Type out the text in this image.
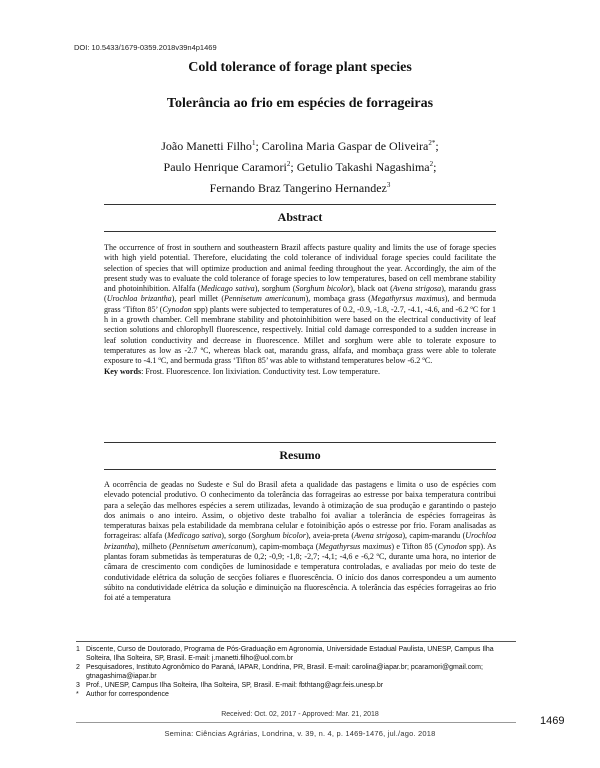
DOI: 10.5433/1679-0359.2018v39n4p1469
Cold tolerance of forage plant species
Tolerância ao frio em espécies de forrageiras
João Manetti Filho$^1$; Carolina Maria Gaspar de Oliveira$^{2*}$;
Paulo Henrique Caramori$^2$; Getulio Takashi Nagashima$^2$;
Fernando Braz Tangerino Hernandez$^3$
Abstract
The occurrence of frost in southern and southeastern Brazil affects pasture quality and limits the use of forage species with high yield potential. Therefore, elucidating the cold tolerance of individual forage species could facilitate the selection of species that will optimize production and animal feeding throughout the year. Accordingly, the aim of the present study was to evaluate the cold tolerance of forage species to low temperatures, based on cell membrane stability and photoinhibition. Alfalfa (Medicago sativa), sorghum (Sorghum bicolor), black oat (Avena strigosa), marandu grass (Urochloa brizantha), pearl millet (Pennisetum americanum), mombaça grass (Megathyrsus maximus), and bermuda grass ‘Tifton 85’ (Cynodon spp) plants were subjected to temperatures of 0.2, -0.9, -1.8, -2.7, -4.1, -4.6, and -6.2 ºC for 1 h in a growth chamber. Cell membrane stability and photoinhibition were based on the electrical conductivity of leaf section solutions and chlorophyll fluorescence, respectively. Initial cold damage corresponded to a sudden increase in leaf solution conductivity and decrease in fluorescence. Millet and sorghum were able to tolerate exposure to temperatures as low as -2.7 ºC, whereas black oat, marandu grass, alfafa, and mombaça grass were able to tolerate exposure to -4.1 ºC, and bermuda grass ‘Tifton 85’ was able to withstand temperatures below -6.2 ºC.
Key words: Frost. Fluorescence. Ion lixiviation. Conductivity test. Low temperature.
Resumo
A ocorrência de geadas no Sudeste e Sul do Brasil afeta a qualidade das pastagens e limita o uso de espécies com elevado potencial produtivo. O conhecimento da tolerância das forrageiras ao estresse por baixa temperatura contribui para a seleção das melhores espécies a serem utilizadas, levando à otimização de sua produção e garantindo o pastejo dos animais o ano inteiro. Assim, o objetivo deste trabalho foi avaliar a tolerância de espécies forrageiras às temperaturas baixas pela estabilidade da membrana celular e fotoinibição após o estresse por frio. Foram analisadas as forrageiras: alfafa (Medicago sativa), sorgo (Sorghum bicolor), aveia-preta (Avena strigosa), capim-marandu (Urochloa brizantha), milheto (Pennisetum americanum), capim-mombaça (Megathyrsus maximus) e Tifton 85 (Cynodon spp). As plantas foram submetidas às temperaturas de 0,2; -0,9; -1,8; -2,7; -4,1; -4,6 e -6,2 ºC, durante uma hora, no interior de câmara de crescimento com condições de luminosidade e temperatura controladas, e avaliadas por meio do teste de condutividade elétrica da solução de secções foliares e fluorescência. O início dos danos correspondeu a um aumento súbito na condutividade elétrica da solução e diminuição na fluorescência. A tolerância das espécies forrageiras ao frio foi até a temperatura
1 Discente, Curso de Doutorado, Programa de Pós-Graduação em Agronomia, Universidade Estadual Paulista, UNESP, Campus Ilha Solteira, Ilha Solteira, SP, Brasil. E-mail: j.manetti.filho@uol.com.br
2 Pesquisadores, Instituto Agronômico do Paraná, IAPAR, Londrina, PR, Brasil. E-mail: carolina@iapar.br; pcaramori@gmail.com; gtnagashima@iapar.br
3 Prof., UNESP, Campus Ilha Solteira, Ilha Solteira, SP, Brasil. E-mail: fbthtang@agr.feis.unesp.br
*	Author for correspondence
Received: Oct. 02, 2017 - Approved: Mar. 21, 2018
1469
Semina: Ciências Agrárias, Londrina, v. 39, n. 4, p. 1469-1476, jul./ago. 2018
